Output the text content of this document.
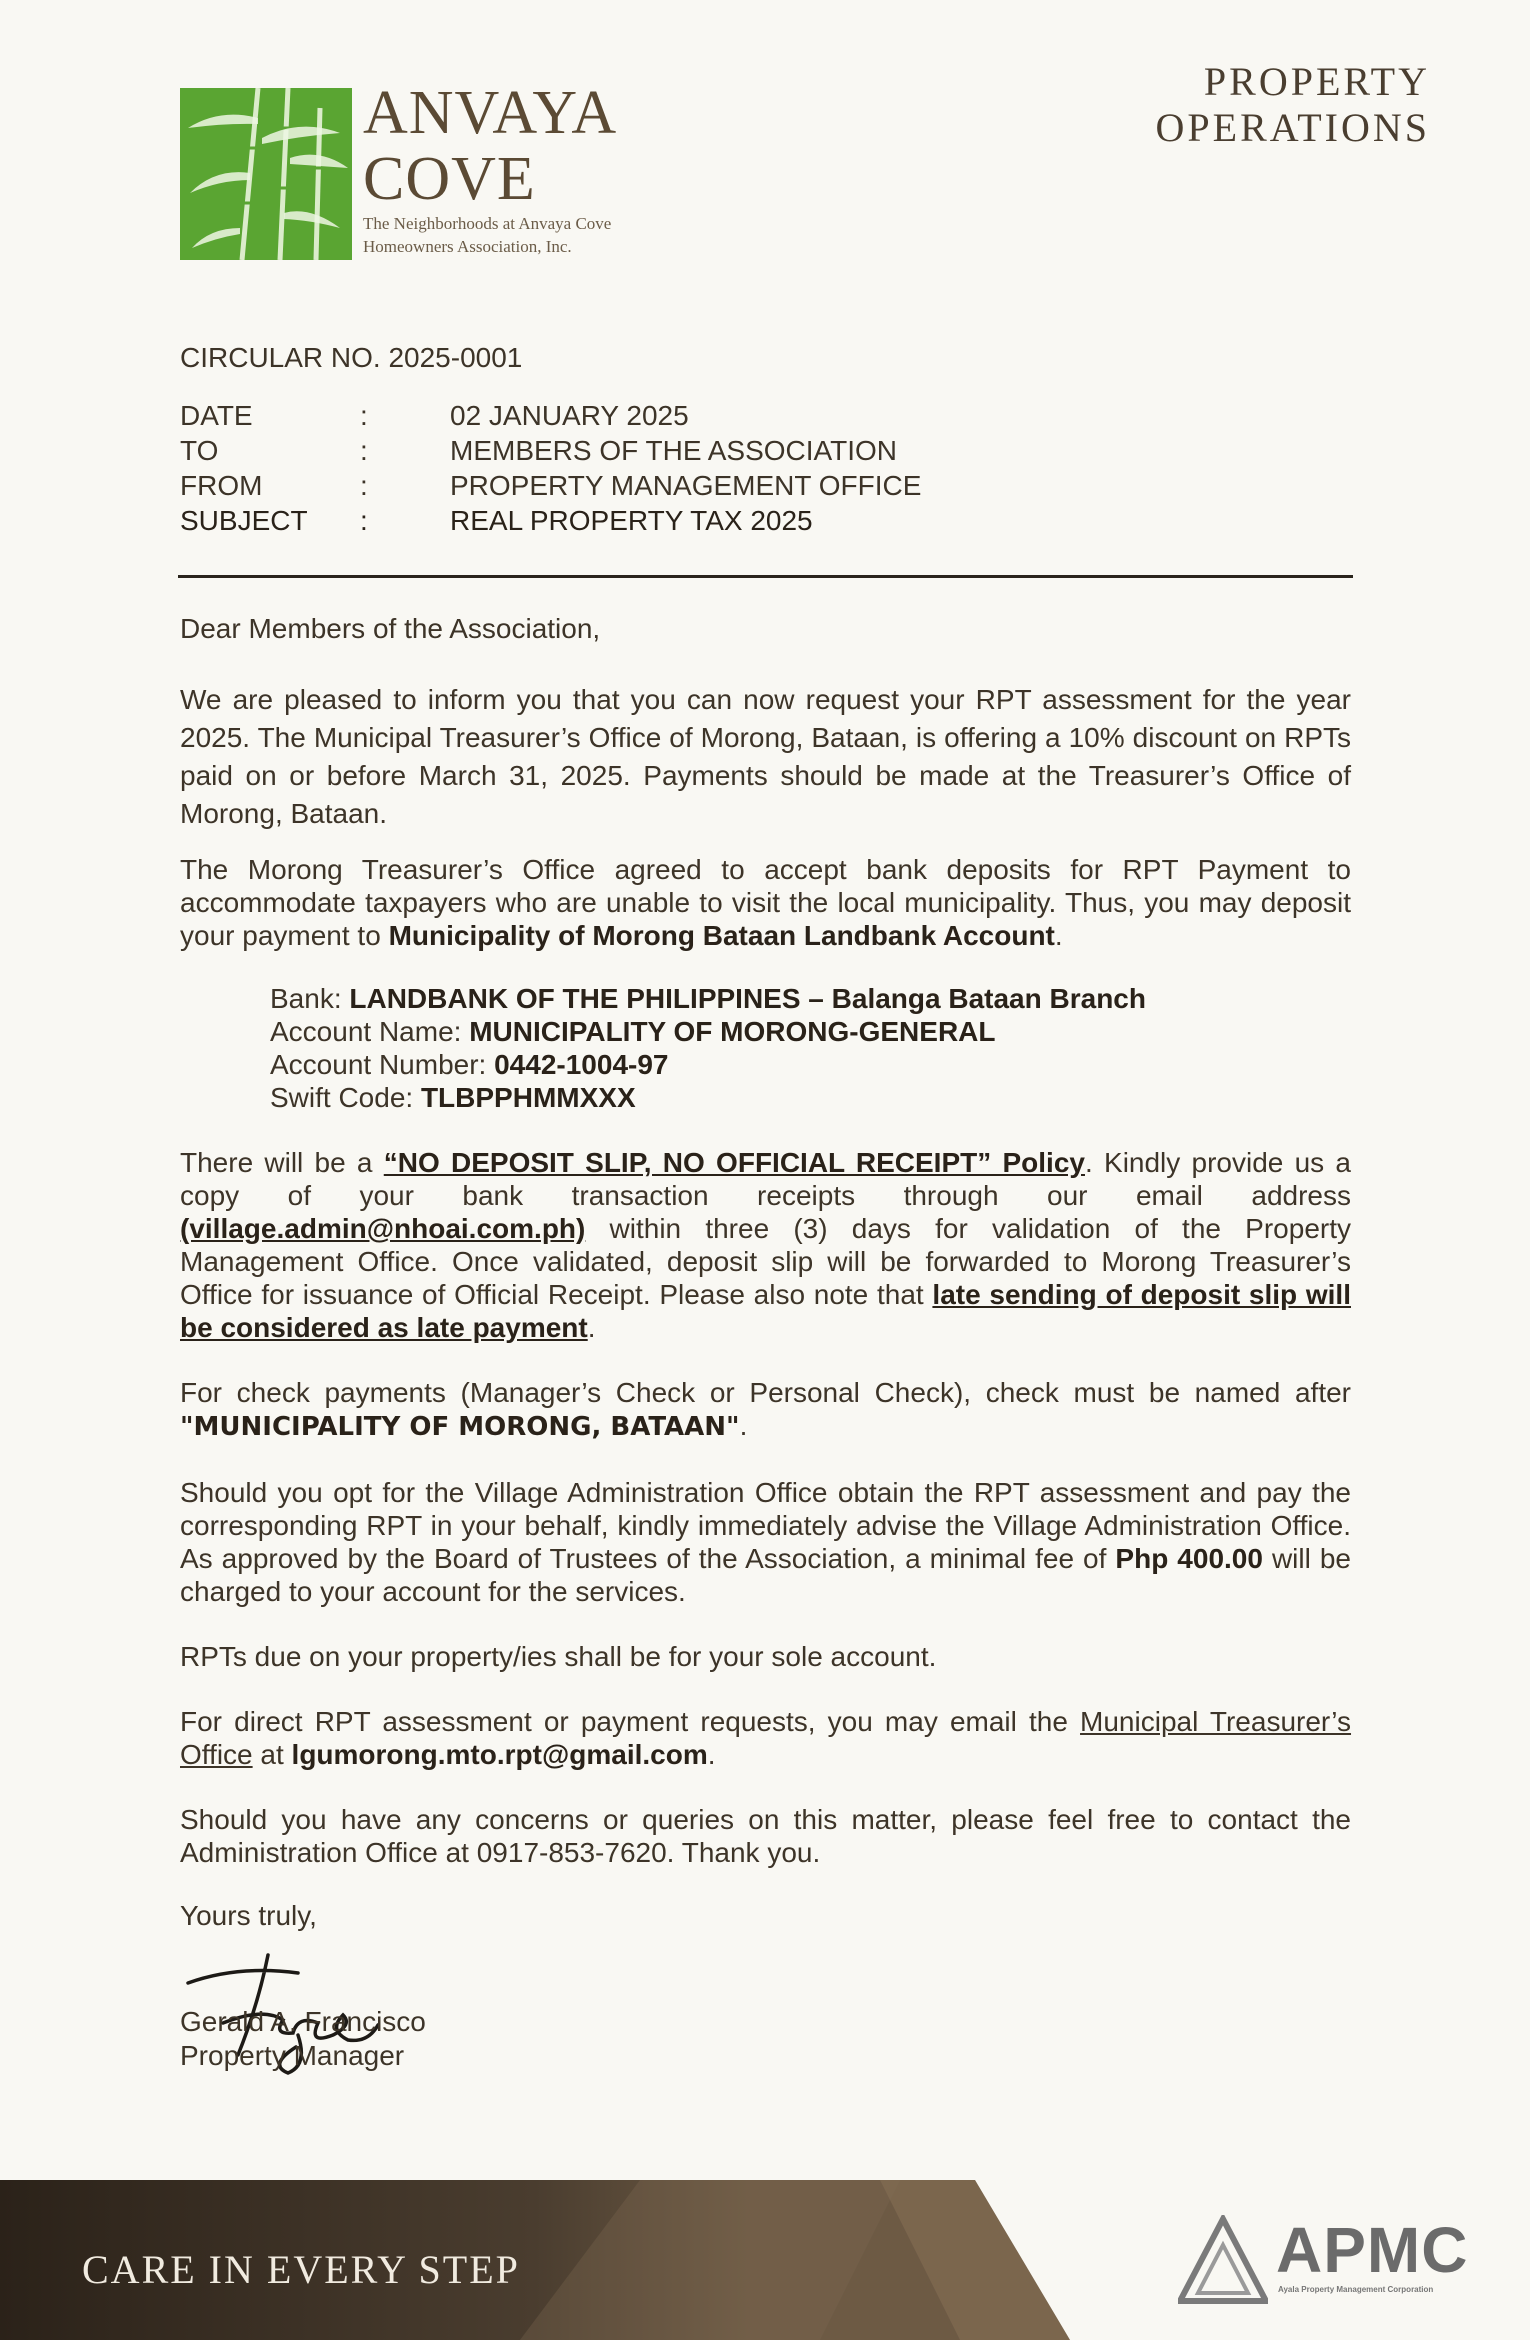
ANVAYA
COVE
The Neighborhoods at Anvaya Cove
Homeowners Association, Inc.
PROPERTY
OPERATIONS
CIRCULAR NO. 2025-0001
DATE	:	02 JANUARY 2025
TO	:	MEMBERS OF THE ASSOCIATION
FROM	:	PROPERTY MANAGEMENT OFFICE
SUBJECT :	REAL PROPERTY TAX 2025

Dear Members of the Association,

We are pleased to inform you that you can now request your RPT assessment for the year 2025. The Municipal Treasurer’s Office of Morong, Bataan, is offering a 10% discount on RPTs paid on or before March 31, 2025. Payments should be made at the Treasurer’s Office of Morong, Bataan.

The Morong Treasurer’s Office agreed to accept bank deposits for RPT Payment to accommodate taxpayers who are unable to visit the local municipality. Thus, you may deposit your payment to Municipality of Morong Bataan Landbank Account.

Bank: LANDBANK OF THE PHILIPPINES – Balanga Bataan Branch

Account Name: MUNICIPALITY OF MORONG-GENERAL

Account Number: 0442-1004-97

Swift Code: TLBPPHMMXXX

There will be a “NO DEPOSIT SLIP, NO OFFICIAL RECEIPT” Policy. Kindly provide us a copy of your bank transaction receipts through our email address (village.admin@nhoai.com.ph) within three (3) days for validation of the Property Management Office. Once validated, deposit slip will be forwarded to Morong Treasurer’s Office for issuance of Official Receipt. Please also note that late sending of deposit slip will be considered as late payment.

For check payments (Manager’s Check or Personal Check), check must be named after "MUNICIPALITY OF MORONG, BATAAN".

Should you opt for the Village Administration Office obtain the RPT assessment and pay the corresponding RPT in your behalf, kindly immediately advise the Village Administration Office. As approved by the Board of Trustees of the Association, a minimal fee of Php 400.00 will be charged to your account for the services.

RPTs due on your property/ies shall be for your sole account.

For direct RPT assessment or payment requests, you may email the Municipal Treasurer’s Office at lgumorong.mto.rpt@gmail.com.

Should you have any concerns or queries on this matter, please feel free to contact the Administration Office at 0917-853-7620. Thank you.

Yours truly,
Gerald A. Francisco
Property Manager
CARE IN EVERY STEP	APMC
Ayala Property Management Corporation
